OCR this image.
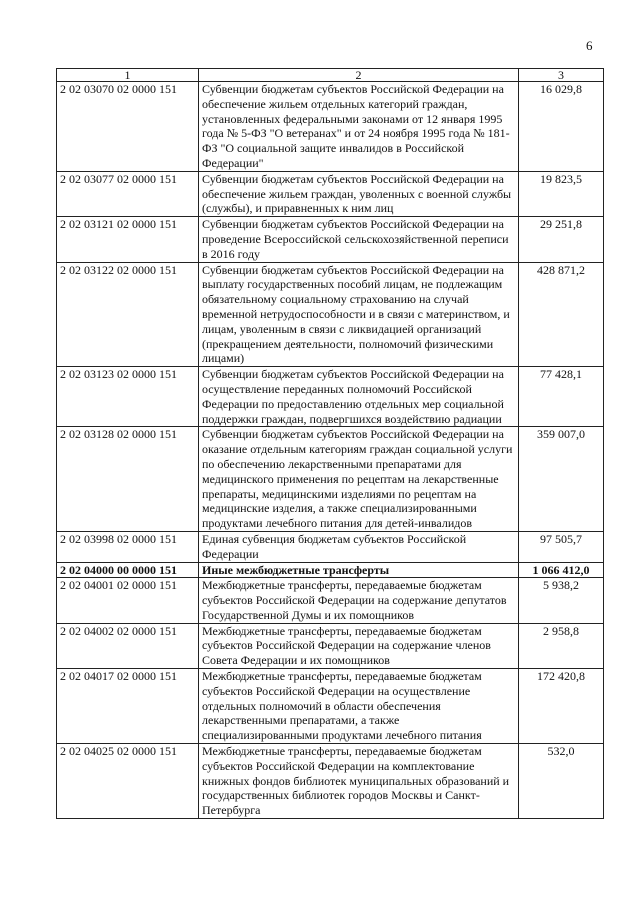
6
1	2	3
2 02 03070 02 0000 151	Субвенции бюджетам субъектов Российской Федерации на обеспечение жильем отдельных категорий граждан, установленных федеральными законами от 12 января 1995 года № 5-ФЗ "О ветеранах" и от 24 ноября 1995 года № 181-ФЗ "О социальной защите инвалидов в Российской Федерации"	16 029,8
2 02 03077 02 0000 151	Субвенции бюджетам субъектов Российской Федерации на обеспечение жильем граждан, уволенных с военной службы (службы), и приравненных к ним лиц	19 823,5
2 02 03121 02 0000 151	Субвенции бюджетам субъектов Российской Федерации на проведение Всероссийской сельскохозяйственной переписи в 2016 году	29 251,8
2 02 03122 02 0000 151	Субвенции бюджетам субъектов Российской Федерации на выплату государственных пособий лицам, не подлежащим обязательному социальному страхованию на случай временной нетрудоспособности и в связи с материнством, и лицам, уволенным в связи с ликвидацией организаций (прекращением деятельности, полномочий физическими лицами)	428 871,2
2 02 03123 02 0000 151	Субвенции бюджетам субъектов Российской Федерации на осуществление переданных полномочий Российской Федерации по предоставлению отдельных мер социальной поддержки граждан, подвергшихся воздействию радиации	77 428,1
2 02 03128 02 0000 151	Субвенции бюджетам субъектов Российской Федерации на оказание отдельным категориям граждан социальной услуги по обеспечению лекарственными препаратами для медицинского применения по рецептам на лекарственные препараты, медицинскими изделиями по рецептам на медицинские изделия, а также специализированными продуктами лечебного питания для детей-инвалидов	359 007,0
2 02 03998 02 0000 151	Единая субвенция бюджетам субъектов Российской Федерации	97 505,7
2 02 04000 00 0000 151	Иные межбюджетные трансферты	1 066 412,0
2 02 04001 02 0000 151	Межбюджетные трансферты, передаваемые бюджетам субъектов Российской Федерации на содержание депутатов Государственной Думы и их помощников	5 938,2
2 02 04002 02 0000 151	Межбюджетные трансферты, передаваемые бюджетам субъектов Российской Федерации на содержание членов Совета Федерации и их помощников	2 958,8
2 02 04017 02 0000 151	Межбюджетные трансферты, передаваемые бюджетам субъектов Российской Федерации на осуществление отдельных полномочий в области обеспечения лекарственными препаратами, а также специализированными продуктами лечебного питания	172 420,8
2 02 04025 02 0000 151	Межбюджетные трансферты, передаваемые бюджетам субъектов Российской Федерации на комплектование книжных фондов библиотек муниципальных образований и государственных библиотек городов Москвы и Санкт-Петербурга	532,0
